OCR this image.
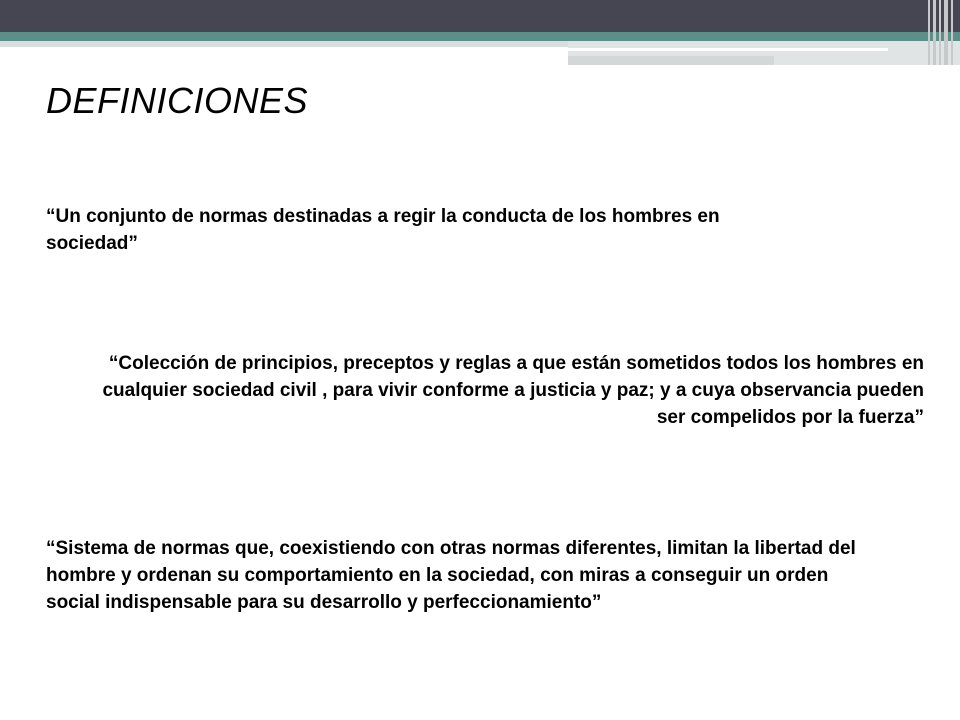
DEFINICIONES

“Un conjunto de normas destinadas a regir la conducta de los hombres en sociedad”

“Colección de principios, preceptos y reglas a que están sometidos todos los hombres en cualquier sociedad civil , para vivir conforme a justicia y paz; y a cuya observancia pueden ser compelidos por la fuerza”

“Sistema de normas que, coexistiendo con otras normas diferentes, limitan la libertad del hombre y ordenan su comportamiento en la sociedad, con miras a conseguir un orden social indispensable para su desarrollo y perfeccionamiento”
